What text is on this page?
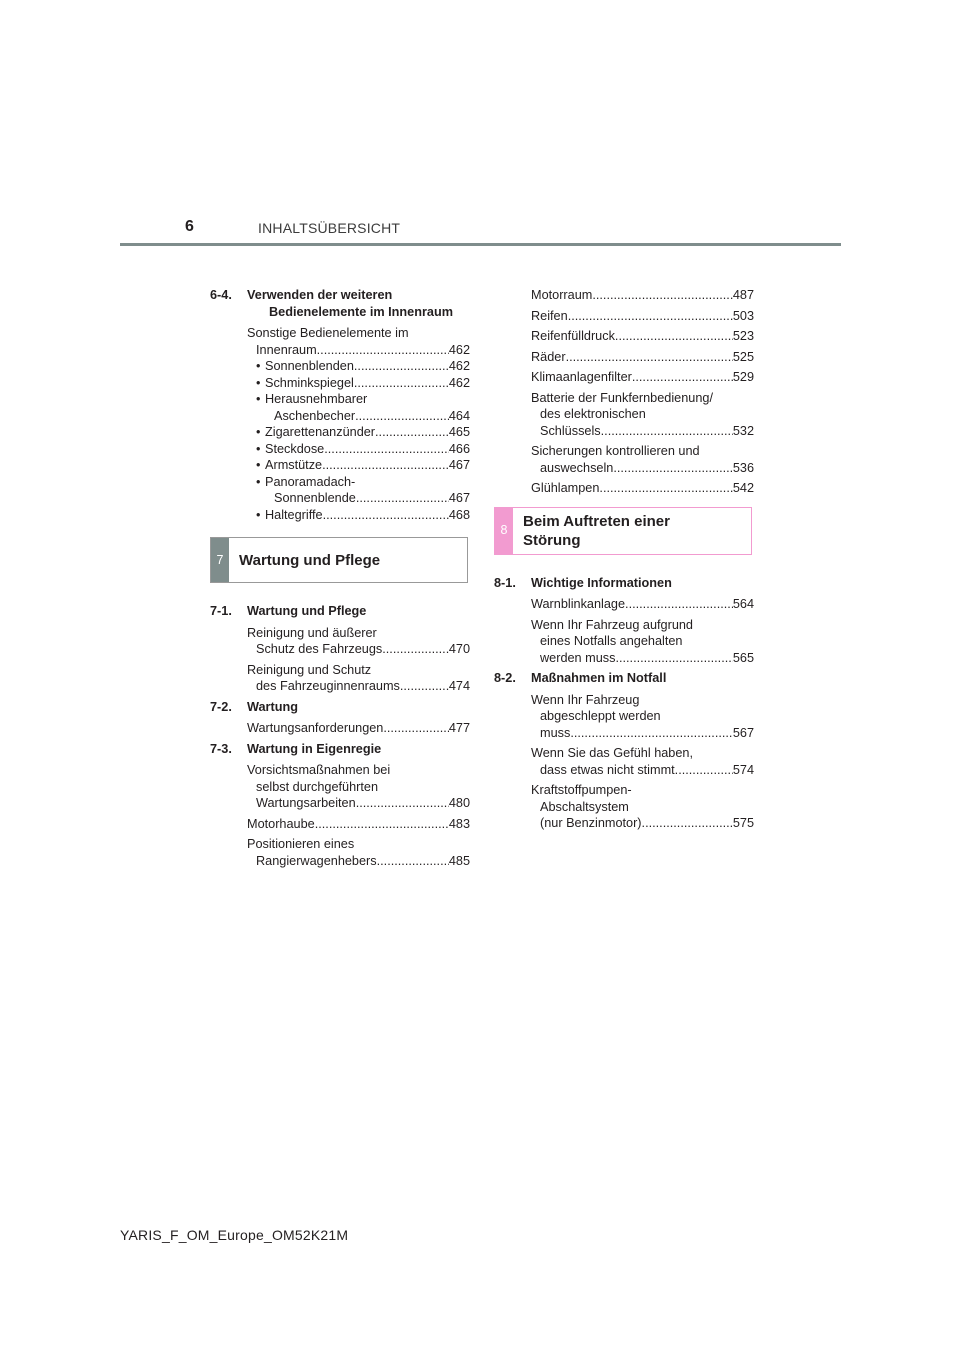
6	INHALTSÜBERSICHT
6-4. Verwenden der weiteren
Bedienelemente im Innenraum
Sonstige Bedienelemente im
Innenraum .....	462
• Sonnenblenden .....	462
• Schminkspiegel .....	462
• Herausnehmbarer
Aschenbecher .....	464
• Zigarettenanzünder .....	465
• Steckdose .....	466
• Armstütze .....	467
• Panoramadach-
Sonnenblende .....	467
• Haltegriffe .....	468
7	Wartung und Pflege
7-1. Wartung und Pflege
Reinigung und äußerer
Schutz des Fahrzeugs .....	470
Reinigung und Schutz
des Fahrzeuginnenraums .....	474
7-2. Wartung
Wartungsanforderungen .....	477
7-3. Wartung in Eigenregie
Vorsichtsmaßnahmen bei
selbst durchgeführten
Wartungsarbeiten .....	480
Motorhaube .....	483
Positionieren eines
Rangierwagenhebers .....	485
Motorraum .....	487
Reifen .....	503
Reifenfülldruck .....	523
Räder .....	525
Klimaanlagenfilter .....	529
Batterie der Funkfernbedienung/
des elektronischen
Schlüssels .....	532
Sicherungen kontrollieren und
auswechseln .....	536
Glühlampen .....	542
8
Beim Auftreten einer
Störung
8-1. Wichtige Informationen
Warnblinkanlage .....	564
Wenn Ihr Fahrzeug aufgrund
eines Notfalls angehalten
werden muss .....	565
8-2. Maßnahmen im Notfall
Wenn Ihr Fahrzeug
abgeschleppt werden
muss .....	567
Wenn Sie das Gefühl haben,
dass etwas nicht stimmt .....	574
Kraftstoffpumpen-
Abschaltsystem
(nur Benzinmotor) .....	575
YARIS_F_OM_Europe_OM52K21M
